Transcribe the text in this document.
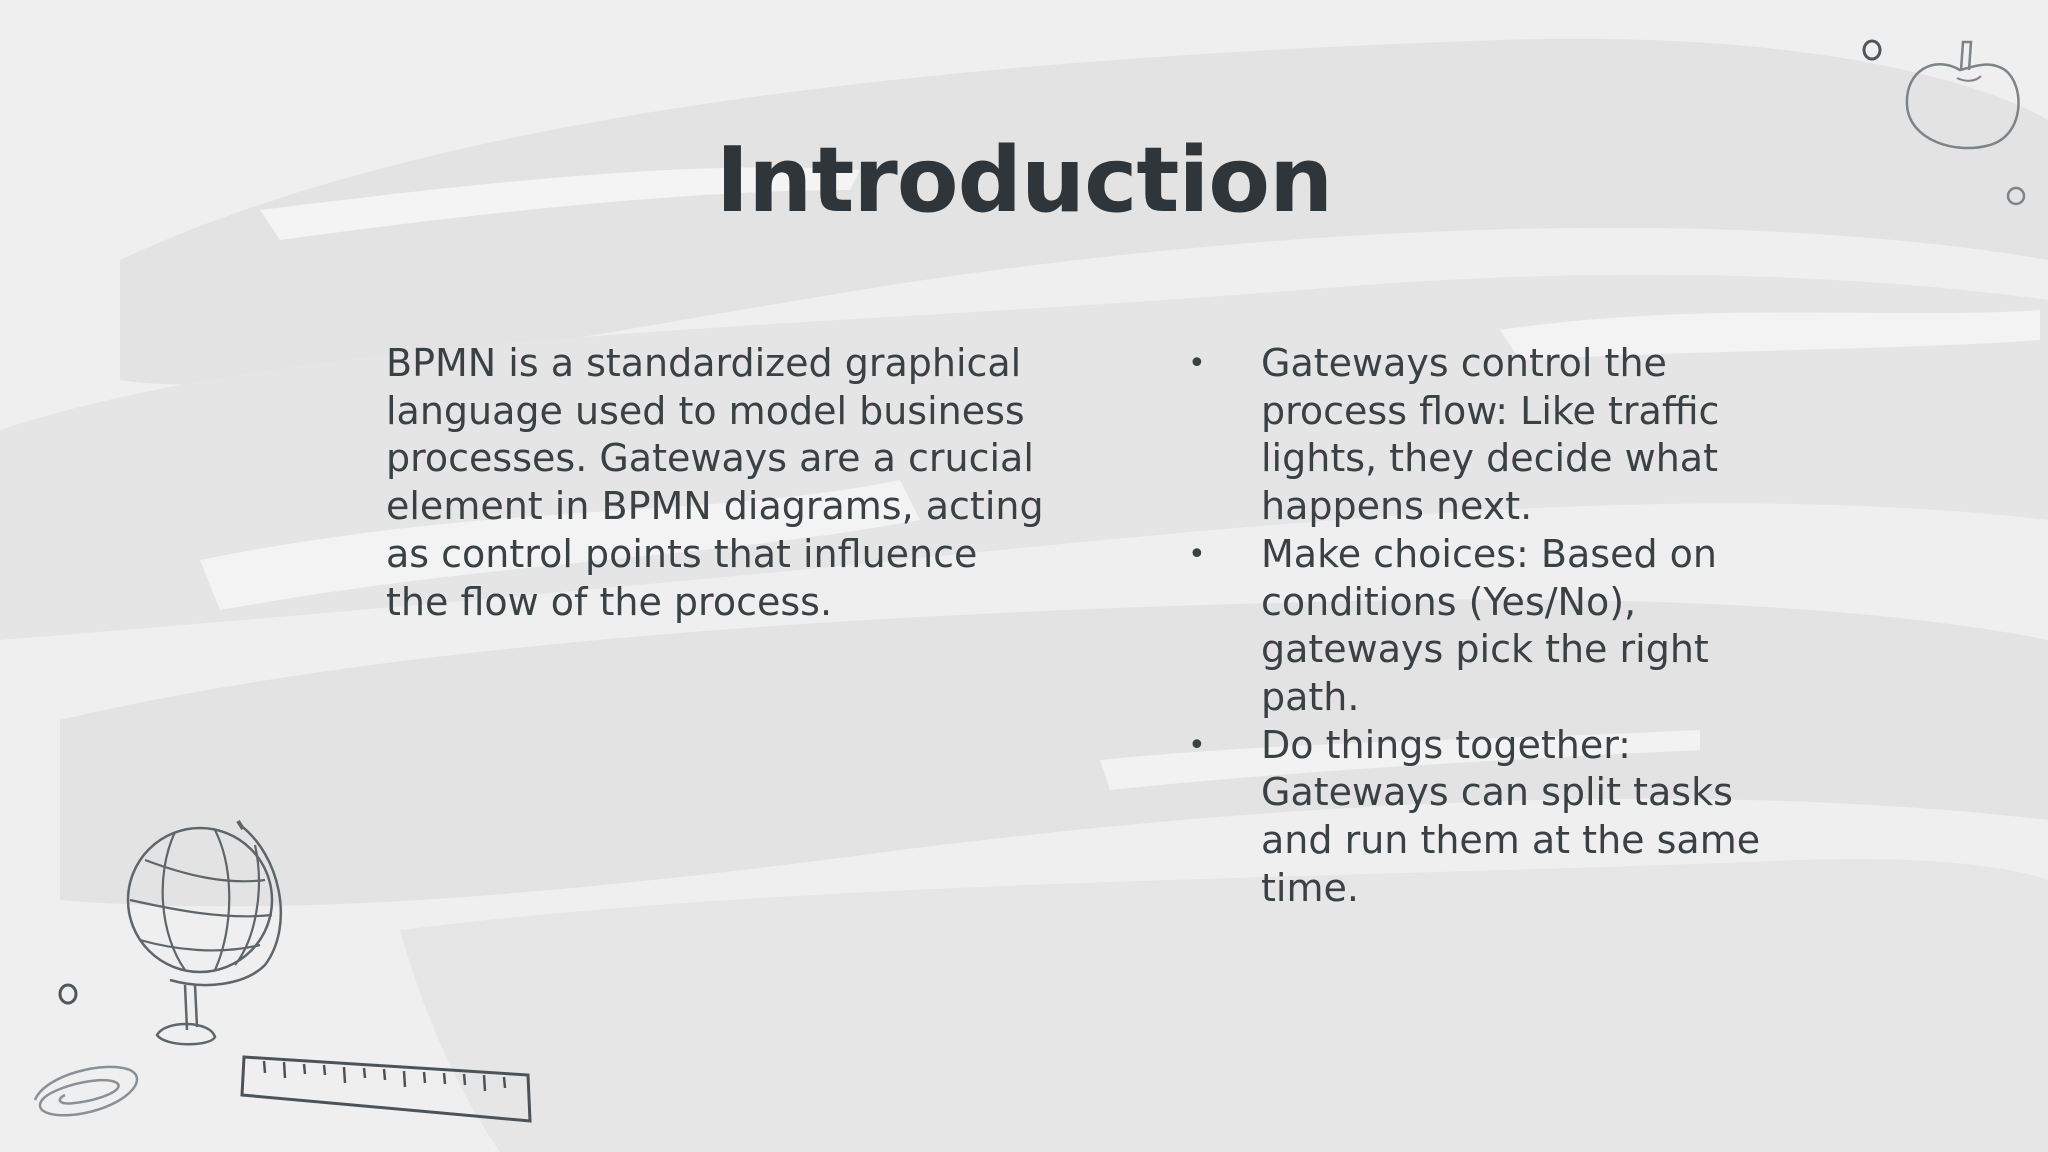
Introduction

BPMN is a standardized graphical language used to model business processes. Gateways are a crucial element in BPMN diagrams, acting as control points that influence the flow of the process.

• Gateways control the process flow: Like traffic lights, they decide what happens next.
• Make choices: Based on conditions (Yes/No), gateways pick the right path.
• Do things together: Gateways can split tasks and run them at the same time.
